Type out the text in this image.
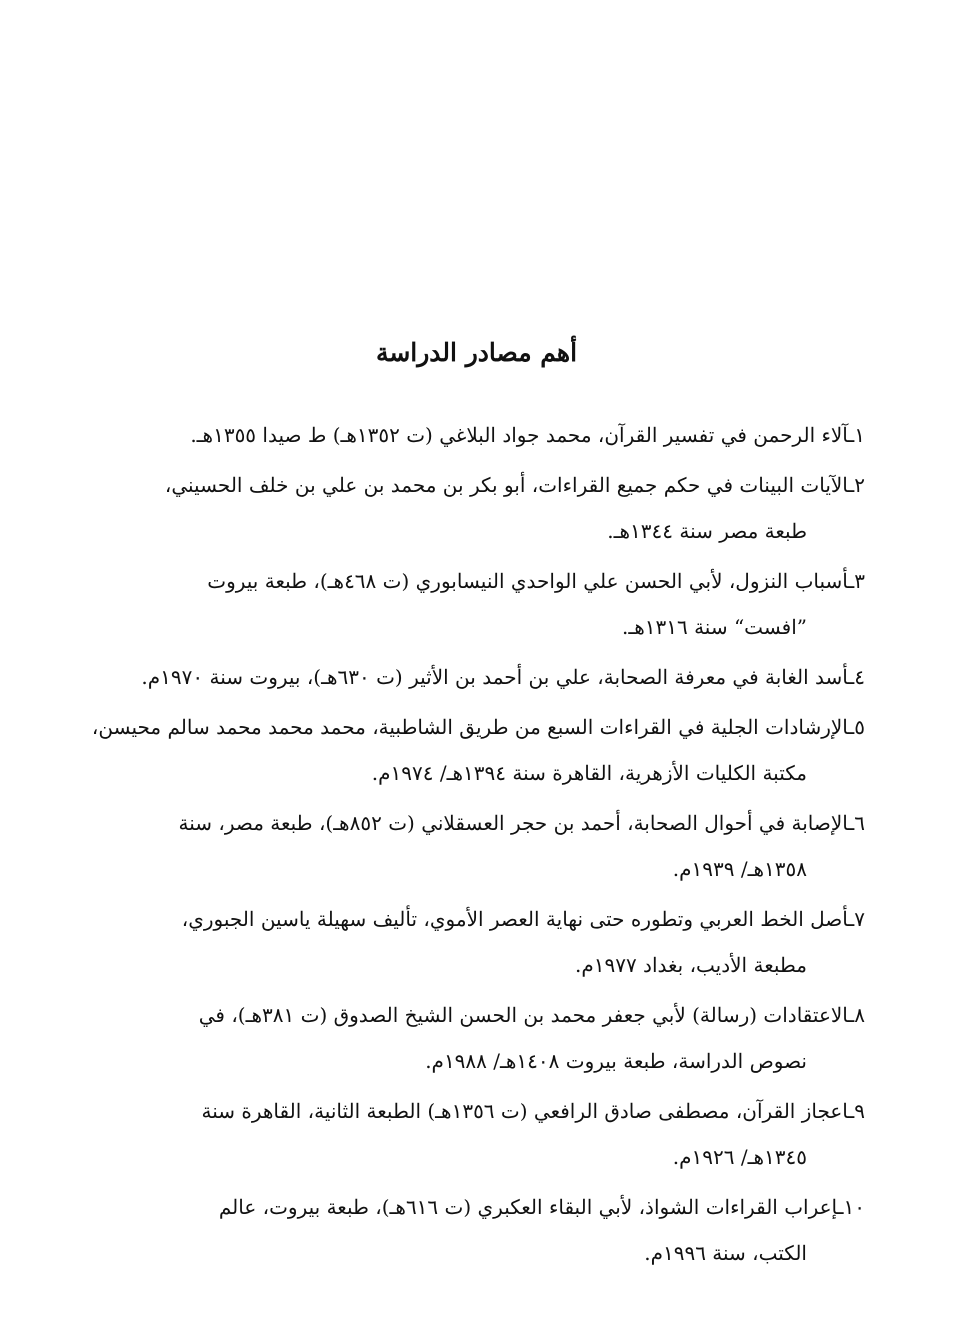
أهم مصادر الدراسة
١ـآلاء الرحمن في تفسير القرآن، محمد جواد البلاغي (ت ١٣٥٢هـ) ط صيدا ١٣٥٥هـ.
٢ـالآيات البينات في حكم جميع القراءات، أبو بكر بن محمد بن علي بن خلف الحسيني،
طبعة مصر سنة ١٣٤٤هـ.
٣ـأسباب النزول، لأبي الحسن علي الواحدي النيسابوري (ت ٤٦٨هـ)، طبعة بيروت
”افست“ سنة ١٣١٦هـ.
٤ـأسد الغابة في معرفة الصحابة، علي بن أحمد بن الأثير (ت ٦٣٠هـ)، بيروت سنة ١٩٧٠م.
٥ـالإرشادات الجلية في القراءات السبع من طريق الشاطبية، محمد محمد محمد سالم محيسن،
مكتبة الكليات الأزهرية، القاهرة سنة ١٣٩٤هـ/ ١٩٧٤م.
٦ـالإصابة في أحوال الصحابة، أحمد بن حجر العسقلاني (ت ٨٥٢هـ)، طبعة مصر، سنة
١٣٥٨هـ/ ١٩٣٩م.
٧ـأصل الخط العربي وتطوره حتى نهاية العصر الأموي، تأليف سهيلة ياسين الجبوري،
مطبعة الأديب، بغداد ١٩٧٧م.
٨ـالاعتقادات (رسالة) لأبي جعفر محمد بن الحسن الشيخ الصدوق (ت ٣٨١هـ)، في
نصوص الدراسة، طبعة بيروت ١٤٠٨هـ/ ١٩٨٨م.
٩ـاعجاز القرآن، مصطفى صادق الرافعي (ت ١٣٥٦هـ) الطبعة الثانية، القاهرة سنة
١٣٤٥هـ/ ١٩٢٦م.
١٠ـإعراب القراءات الشواذ، لأبي البقاء العكبري (ت ٦١٦هـ)، طبعة بيروت، عالم
الكتب، سنة ١٩٩٦م.
